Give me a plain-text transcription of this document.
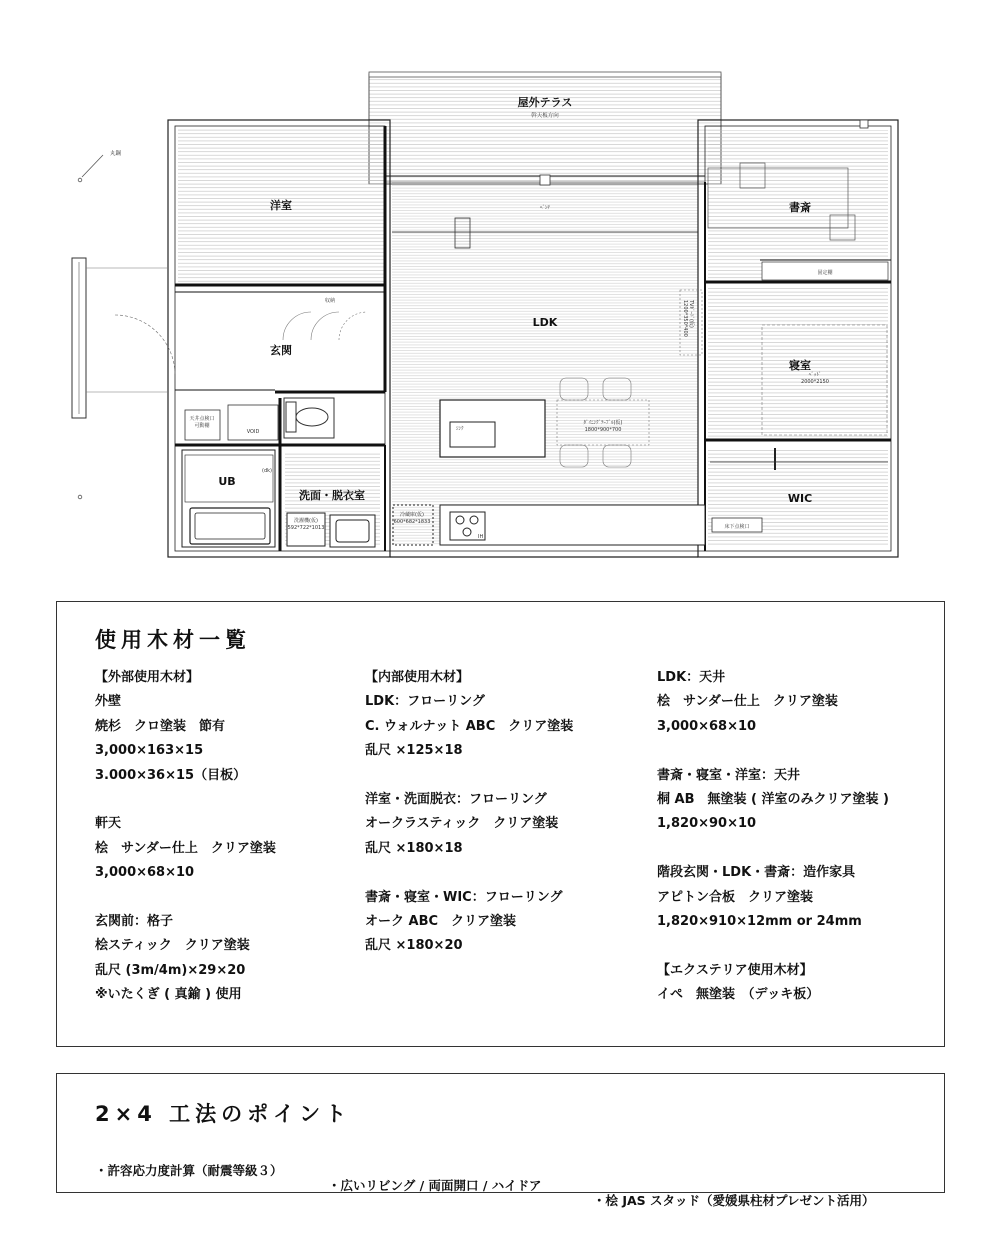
屋外テラス
幹天板方向
洋室	書斎
LDK
玄関
寝室
UB
洗面・脱衣室	WIC
丸鋼
収納
ﾍﾞﾝﾁ
固定棚
ﾍﾞｯﾄﾞ
2000*2150
ﾀﾞｲﾆﾝｸﾞﾃｰﾌﾞﾙ(仮)
1800*900*700
ｼﾝｸ
冷蔵庫(仮)
600*682*1833
洗濯機(仮)
592*722*1013
天井点検口
可動棚
VOID
床下点検口
(dk)
IH
TVﾎﾞｰﾄﾞ(仮)1200*350*400
使用木材一覧
【外部使用木材】
外壁
焼杉　クロ塗装　節有
3,000×163×15
3.000×36×15（目板）
軒天
桧　サンダー仕上　クリア塗装
3,000×68×10
玄関前：格子
桧スティック　クリア塗装
乱尺 (3m/4m)×29×20
※いたくぎ ( 真鍮 ) 使用
【内部使用木材】
LDK：フローリング
C. ウォルナット ABC　クリア塗装
乱尺 ×125×18
洋室・洗面脱衣：フローリング
オークラスティック　クリア塗装
乱尺 ×180×18
書斎・寝室・WIC：フローリング
オーク ABC　クリア塗装
乱尺 ×180×20
LDK：天井
桧　サンダー仕上　クリア塗装
3,000×68×10
書斎・寝室・洋室：天井
桐 AB　無塗装 ( 洋室のみクリア塗装 )
1,820×90×10
階段玄関・LDK・書斎：造作家具
アピトン合板　クリア塗装
1,820×910×12mm or 24mm
【エクステリア使用木材】
イペ　無塗装　（デッキ板）
2×4 工法のポイント

・許容応力度計算（耐震等級３）

・広いリビング / 両面開口 / ハイドア

・桧 JAS スタッド（愛媛県柱材プレゼント活用）
